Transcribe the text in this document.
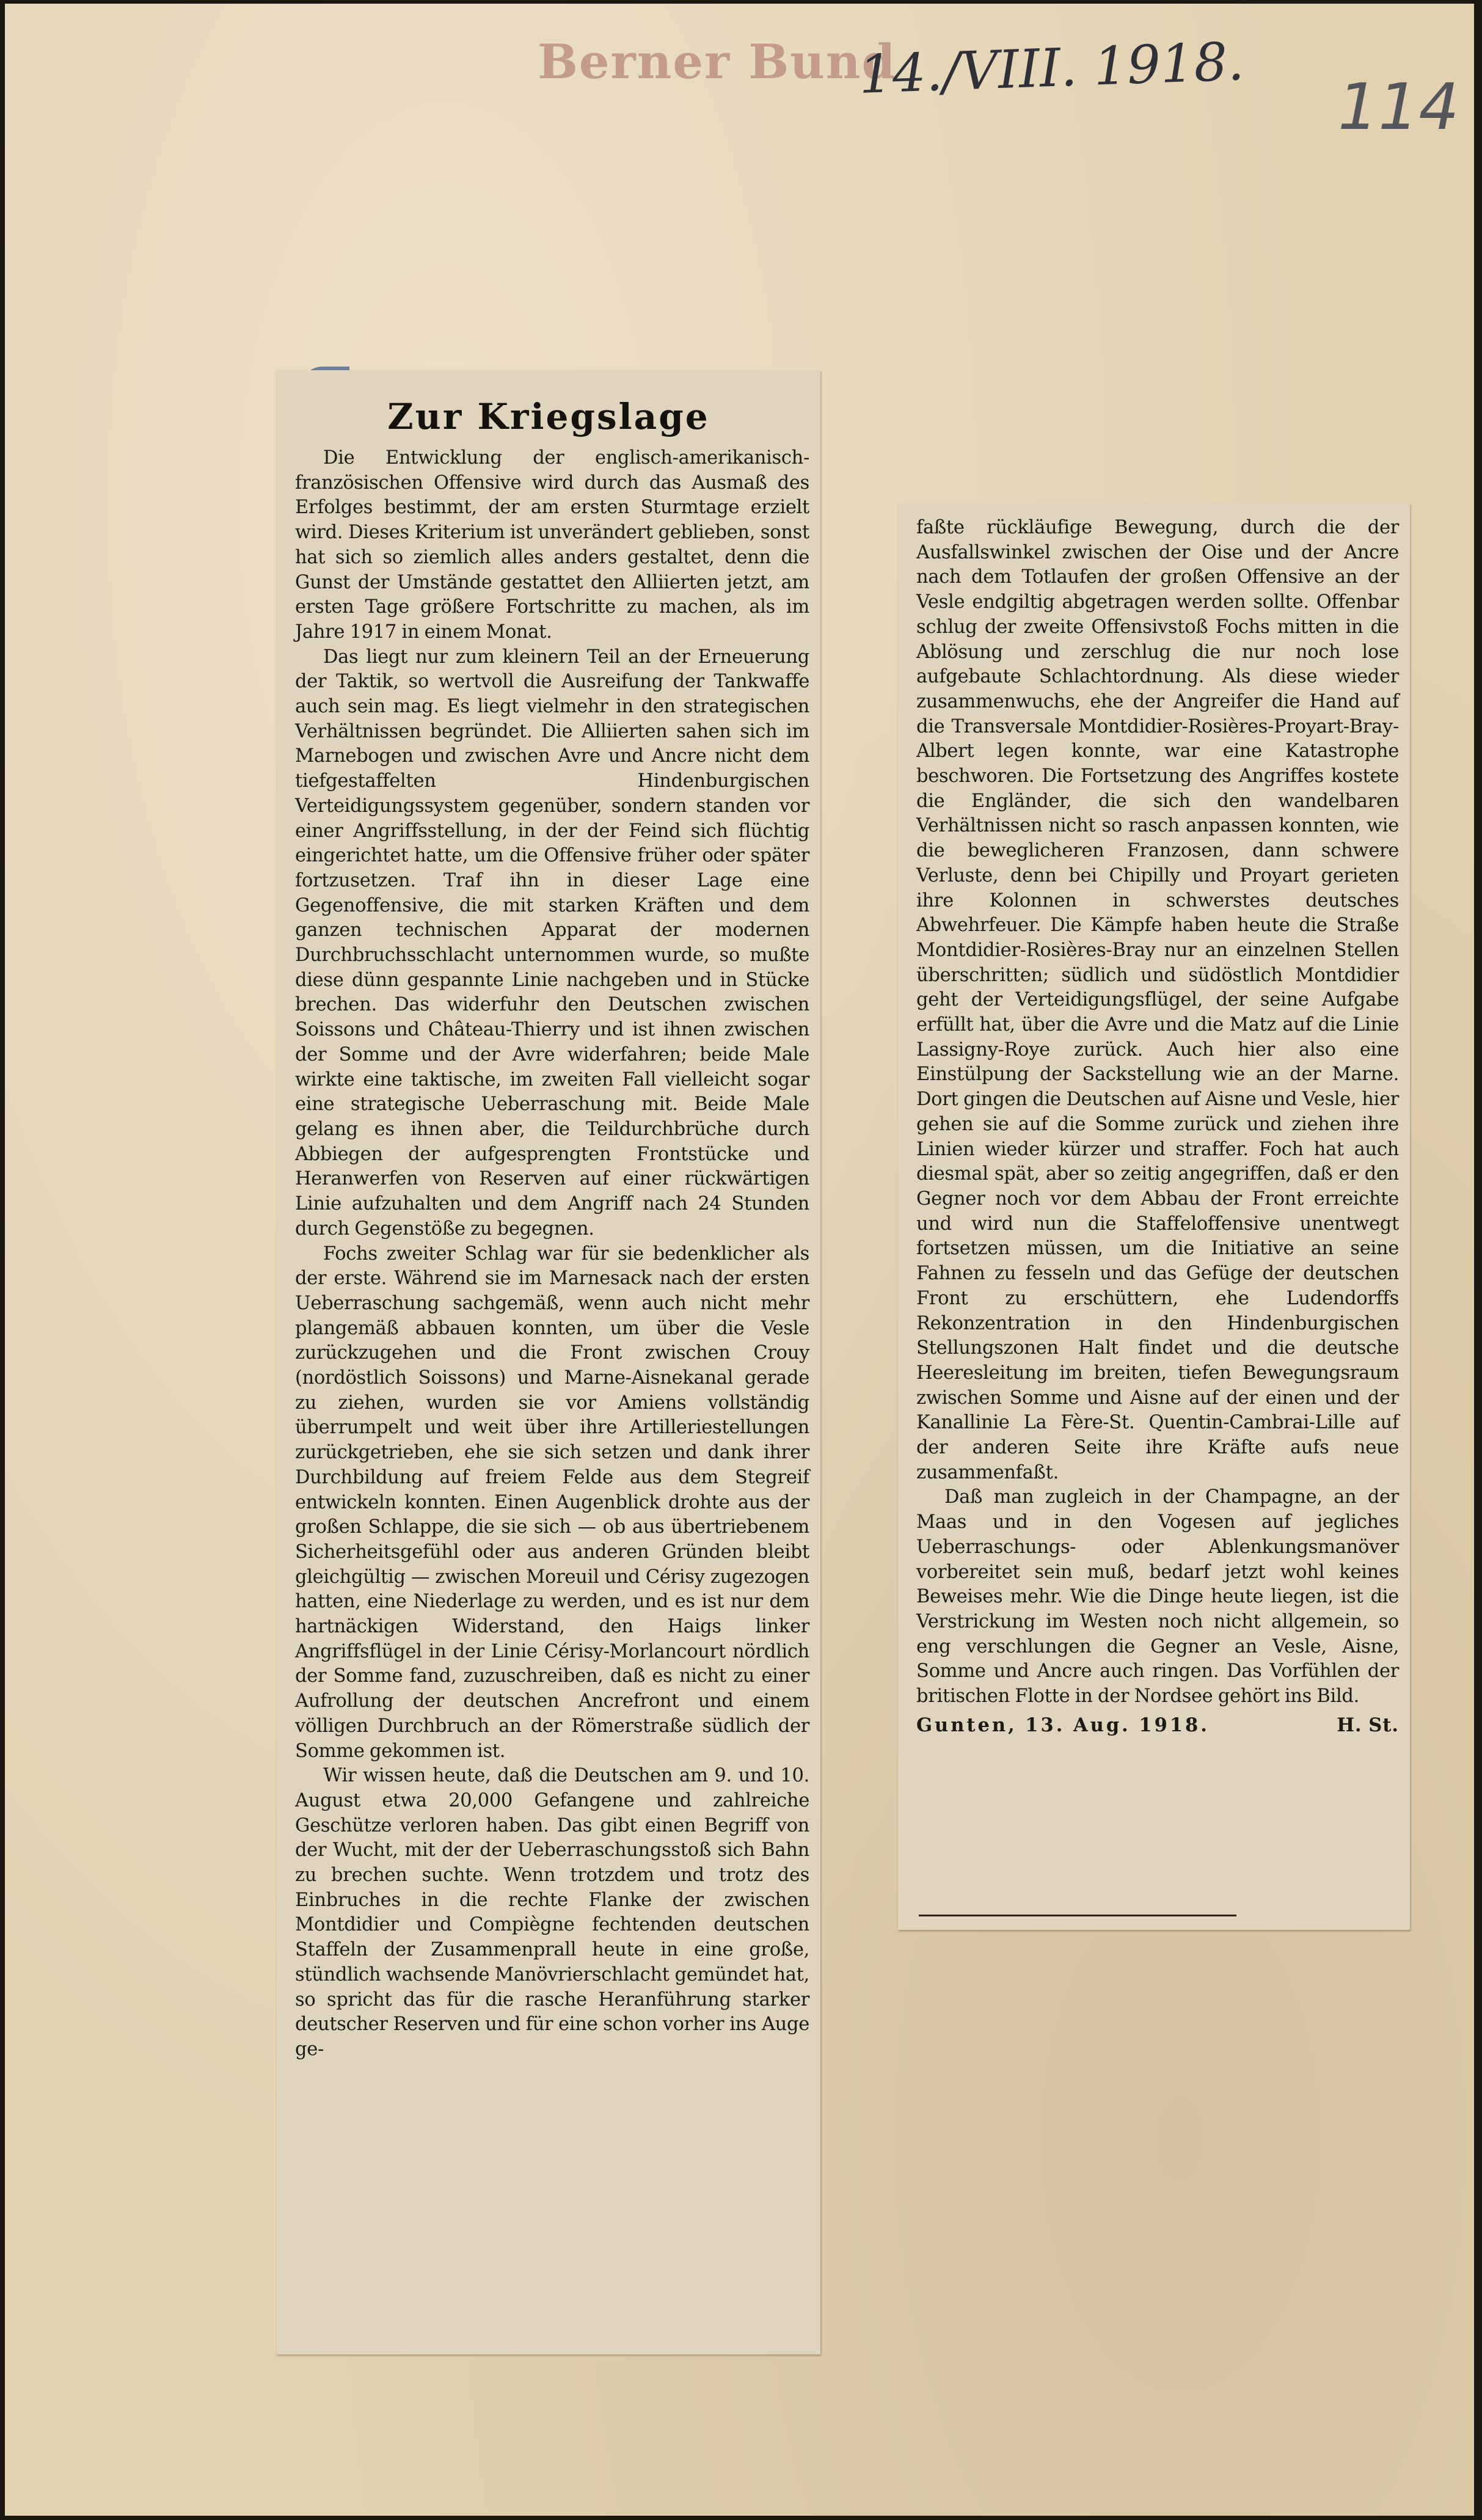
Berner Bund
14./VIII. 1918.
114
Zur Kriegslage

Die Entwicklung der englisch-amerikanisch-französischen Offensive wird durch das Ausmaß des Erfolges bestimmt, der am ersten Sturmtage erzielt wird. Dieses Kriterium ist unverändert geblieben, sonst hat sich so ziemlich alles anders gestaltet, denn die Gunst der Umstände gestattet den Alliierten jetzt, am ersten Tage größere Fortschritte zu machen, als im Jahre 1917 in einem Monat.

Das liegt nur zum kleinern Teil an der Erneuerung der Taktik, so wertvoll die Ausreifung der Tankwaffe auch sein mag. Es liegt vielmehr in den strategischen Verhältnissen begründet. Die Alliierten sahen sich im Marnebogen und zwischen Avre und Ancre nicht dem tiefgestaffelten Hindenburgischen Verteidigungssystem gegenüber, sondern standen vor einer Angriffsstellung, in der der Feind sich flüchtig eingerichtet hatte, um die Offensive früher oder später fortzusetzen. Traf ihn in dieser Lage eine Gegenoffensive, die mit starken Kräften und dem ganzen technischen Apparat der modernen Durchbruchsschlacht unternommen wurde, so mußte diese dünn gespannte Linie nachgeben und in Stücke brechen. Das widerfuhr den Deutschen zwischen Soissons und Château-Thierry und ist ihnen zwischen der Somme und der Avre widerfahren; beide Male wirkte eine taktische, im zweiten Fall vielleicht sogar eine strategische Ueberraschung mit. Beide Male gelang es ihnen aber, die Teildurchbrüche durch Abbiegen der aufgesprengten Frontstücke und Heranwerfen von Reserven auf einer rückwärtigen Linie aufzuhalten und dem Angriff nach 24 Stunden durch Gegenstöße zu begegnen.

Fochs zweiter Schlag war für sie bedenklicher als der erste. Während sie im Marnesack nach der ersten Ueberraschung sachgemäß, wenn auch nicht mehr plangemäß abbauen konnten, um über die Vesle zurückzugehen und die Front zwischen Crouy (nordöstlich Soissons) und Marne-Aisnekanal gerade zu ziehen, wurden sie vor Amiens vollständig überrumpelt und weit über ihre Artilleriestellungen zurückgetrieben, ehe sie sich setzen und dank ihrer Durchbildung auf freiem Felde aus dem Stegreif entwickeln konnten. Einen Augenblick drohte aus der großen Schlappe, die sie sich — ob aus übertriebenem Sicherheitsgefühl oder aus anderen Gründen bleibt gleichgültig — zwischen Moreuil und Cérisy zugezogen hatten, eine Niederlage zu werden, und es ist nur dem hartnäckigen Widerstand, den Haigs linker Angriffsflügel in der Linie Cérisy-Morlancourt nördlich der Somme fand, zuzuschreiben, daß es nicht zu einer Aufrollung der deutschen Ancrefront und einem völligen Durchbruch an der Römerstraße südlich der Somme gekommen ist.

Wir wissen heute, daß die Deutschen am 9. und 10. August etwa 20,000 Gefangene und zahlreiche Geschütze verloren haben. Das gibt einen Begriff von der Wucht, mit der der Ueberraschungsstoß sich Bahn zu brechen suchte. Wenn trotzdem und trotz des Einbruches in die rechte Flanke der zwischen Montdidier und Compiègne fechtenden deutschen Staffeln der Zusammenprall heute in eine große, stündlich wachsende Manövrierschlacht gemündet hat, so spricht das für die rasche Heranführung starker deutscher Reserven und für eine schon vorher ins Auge ge-

faßte rückläufige Bewegung, durch die der Ausfallswinkel zwischen der Oise und der Ancre nach dem Totlaufen der großen Offensive an der Vesle endgiltig abgetragen werden sollte. Offenbar schlug der zweite Offensivstoß Fochs mitten in die Ablösung und zerschlug die nur noch lose aufgebaute Schlachtordnung. Als diese wieder zusammenwuchs, ehe der Angreifer die Hand auf die Transversale Montdidier-Rosières-Proyart-Bray-Albert legen konnte, war eine Katastrophe beschworen. Die Fortsetzung des Angriffes kostete die Engländer, die sich den wandelbaren Verhältnissen nicht so rasch anpassen konnten, wie die beweglicheren Franzosen, dann schwere Verluste, denn bei Chipilly und Proyart gerieten ihre Kolonnen in schwerstes deutsches Abwehrfeuer. Die Kämpfe haben heute die Straße Montdidier-Rosières-Bray nur an einzelnen Stellen überschritten; südlich und südöstlich Montdidier geht der Verteidigungsflügel, der seine Aufgabe erfüllt hat, über die Avre und die Matz auf die Linie Lassigny-Roye zurück. Auch hier also eine Einstülpung der Sackstellung wie an der Marne. Dort gingen die Deutschen auf Aisne und Vesle, hier gehen sie auf die Somme zurück und ziehen ihre Linien wieder kürzer und straffer. Foch hat auch diesmal spät, aber so zeitig angegriffen, daß er den Gegner noch vor dem Abbau der Front erreichte und wird nun die Staffeloffensive unentwegt fortsetzen müssen, um die Initiative an seine Fahnen zu fesseln und das Gefüge der deutschen Front zu erschüttern, ehe Ludendorffs Rekonzentration in den Hindenburgischen Stellungszonen Halt findet und die deutsche Heeresleitung im breiten, tiefen Bewegungsraum zwischen Somme und Aisne auf der einen und der Kanallinie La Fère-St. Quentin-Cambrai-Lille auf der anderen Seite ihre Kräfte aufs neue zusammenfaßt.

Daß man zugleich in der Champagne, an der Maas und in den Vogesen auf jegliches Ueberraschungs- oder Ablenkungsmanöver vorbereitet sein muß, bedarf jetzt wohl keines Beweises mehr. Wie die Dinge heute liegen, ist die Verstrickung im Westen noch nicht allgemein, so eng verschlungen die Gegner an Vesle, Aisne, Somme und Ancre auch ringen. Das Vorfühlen der britischen Flotte in der Nordsee gehört ins Bild.

Gunten, 13. Aug. 1918.	H. St.
